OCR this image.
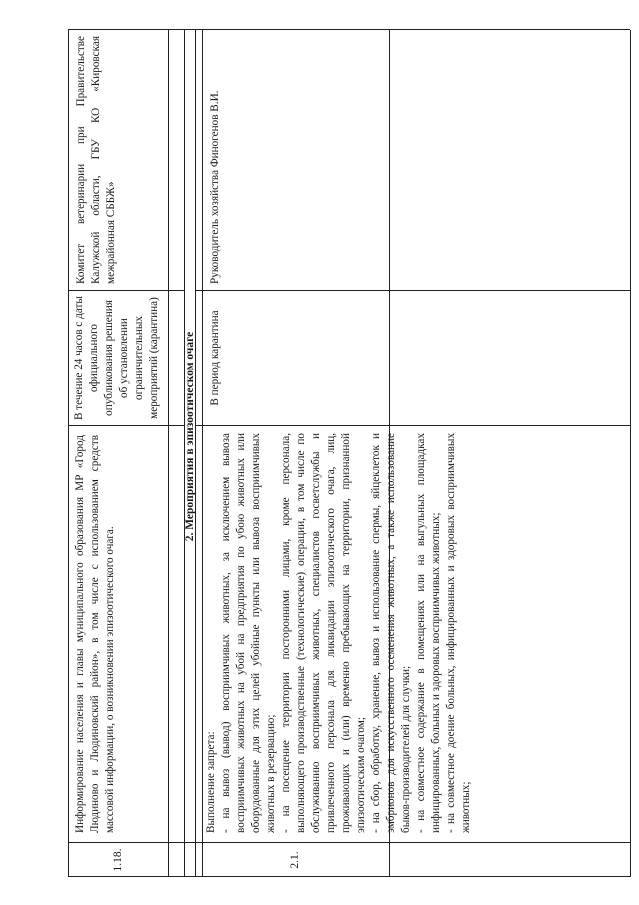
1.18.
Информирование населения и главы муниципального образования МР «Город Людиново и Людиновский район», в том числе с использованием средств массовой информации, о возникновении эпизоотического очага.
В течение 24 часов с даты официального опубликования решения об установлении ограничительных мероприятий (карантина)
Комитет ветеринарии при Правительстве Калужской области, ГБУ КО «Кировская межрайонная СББЖ»
2. Мероприятия в эпизоотическом очаге
2.1.
Выполнение запрета: - на вывоз (вывод) восприимчивых животных, за исключением вывоза восприимчивых животных на убой на предприятия по убою животных или оборудованные для этих целей убойные пункты или вывоза восприимчивых животных в резервацию; - на посещение территории посторонними лицами, кроме персонала, выполняющего производственные (технологические) операции, в том числе по обслуживанию восприимчивых животных, специалистов госветслужбы и привлеченного персонала для ликвидации эпизоотического очага, лиц, проживающих и (или) временно пребывающих на территории, признанной эпизоотическим очагом; - на сбор, обработку, хранение, вывоз и использование спермы, яйцеклеток и эмбрионов для искусственного осеменения животных, а также использование быков-производителей для случки; - на совместное содержание в помещениях или на выгульных площадках инфицированных, больных и здоровых восприимчивых животных; - на совместное доение больных, инфицированных и здоровых восприимчивых животных;
В период карантина
Руководитель хозяйства Финогенов В.И.
